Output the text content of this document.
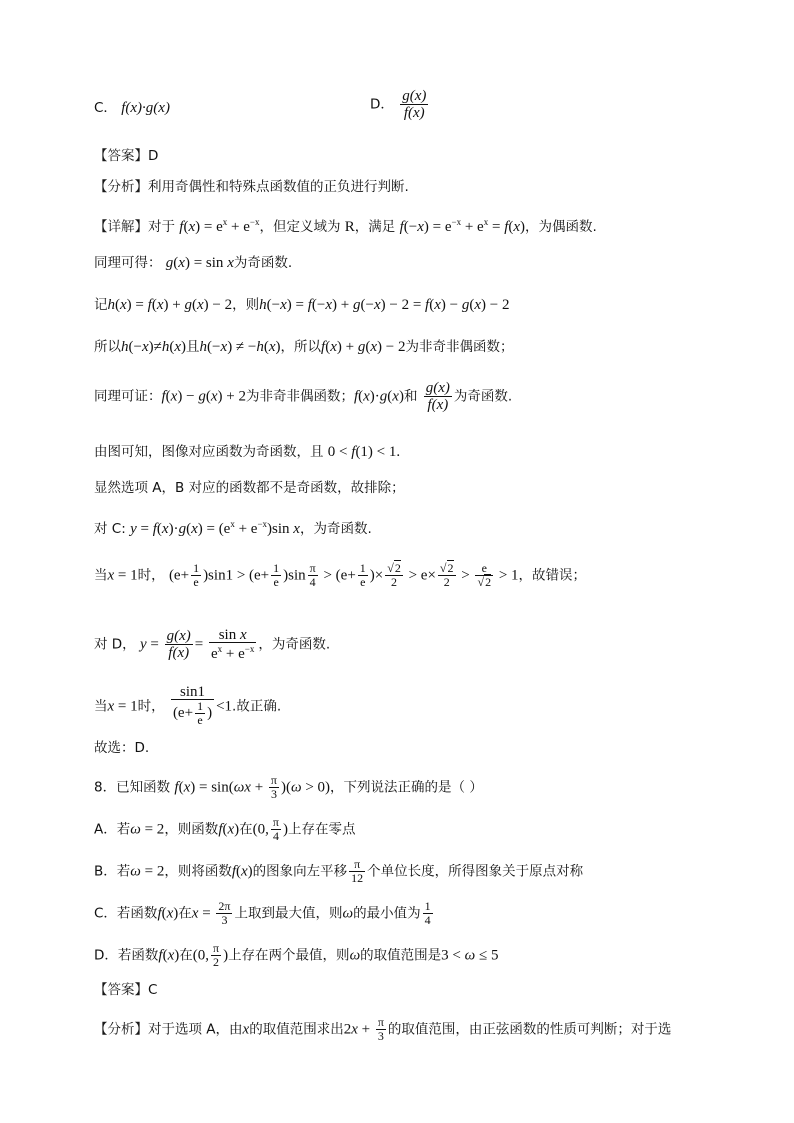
C． f(x)·g(x)	D． $\frac{g(x)}{f(x)}$
【答案】D
【分析】利用奇偶性和特殊点函数值的正负进行判断.
【详解】对于 $f(x) = e^x + e^{-x}$，但定义域为 R，满足 $f(-x) = e^{-x} + e^x = f(x)$，为偶函数.
同理可得： g(x) = sin x为奇函数.
记h(x) = f(x) + g(x) − 2，则h(−x) = f(−x) + g(−x) − 2 = f(x) − g(x) − 2
所以h(−x)≠h(x)且h(−x) ≠ −h(x)，所以f(x) + g(x) − 2为非奇非偶函数；
同理可证：f(x) − g(x) + 2为非奇非偶函数；f(x)·g(x)和 $\frac{g(x)}{f(x)}$ 为奇函数.
由图可知，图像对应函数为奇函数，且 0 < f(1) < 1.
显然选项 A，B 对应的函数都不是奇函数，故排除；
对 C: $y = f(x)\cdot g(x) = (e^x + e^{-x})\sin$ x，为奇函数.
当x = 1时， $(e+ \frac{1}{e} )\sin 1 > (e+ \frac{1}{e} )\sin \frac{\pi}{4} > (e+ \frac{1}{e}$ )× $\frac{√2}{2} > e\times \frac{√2}{2} > \frac{e}{√2} > 1$，故错误；
对 D， $y = \frac{g(x)}{f(x)} = \frac{\text{sin x}}{e^x + e^{-x}}$ ，为奇函数.
当x = 1时， $\frac{\sin 1}{(e+ \frac{1}{e} )} <1$.故正确.
故选：D.
8．已知函数 $f(x) = \sin(\omega x + \frac{\pi}{3} )(\omega > 0)$，下列说法正确的是（ ）
A．若ω = 2，则函数f(x)在(0, $\frac{\pi}{4}$ )上存在零点
B．若ω = 2，则将函数f(x)的图象向左平移 $\frac{\pi}{12}$ 个单位长度，所得图象关于原点对称
C．若函数f(x)在$x = \frac{2\pi}{3}$ 上取到最大值，则ω的最小值为 $\frac{1}{4}$
D．若函数f(x)在(0, $\frac{\pi}{2}$ )上存在两个最值，则ω的取值范围是3 < ω ≤ 5
【答案】C
【分析】对于选项 A，由x的取值范围求出$2x + \frac{\pi}{3}$ 的取值范围，由正弦函数的性质可判断；对于选
